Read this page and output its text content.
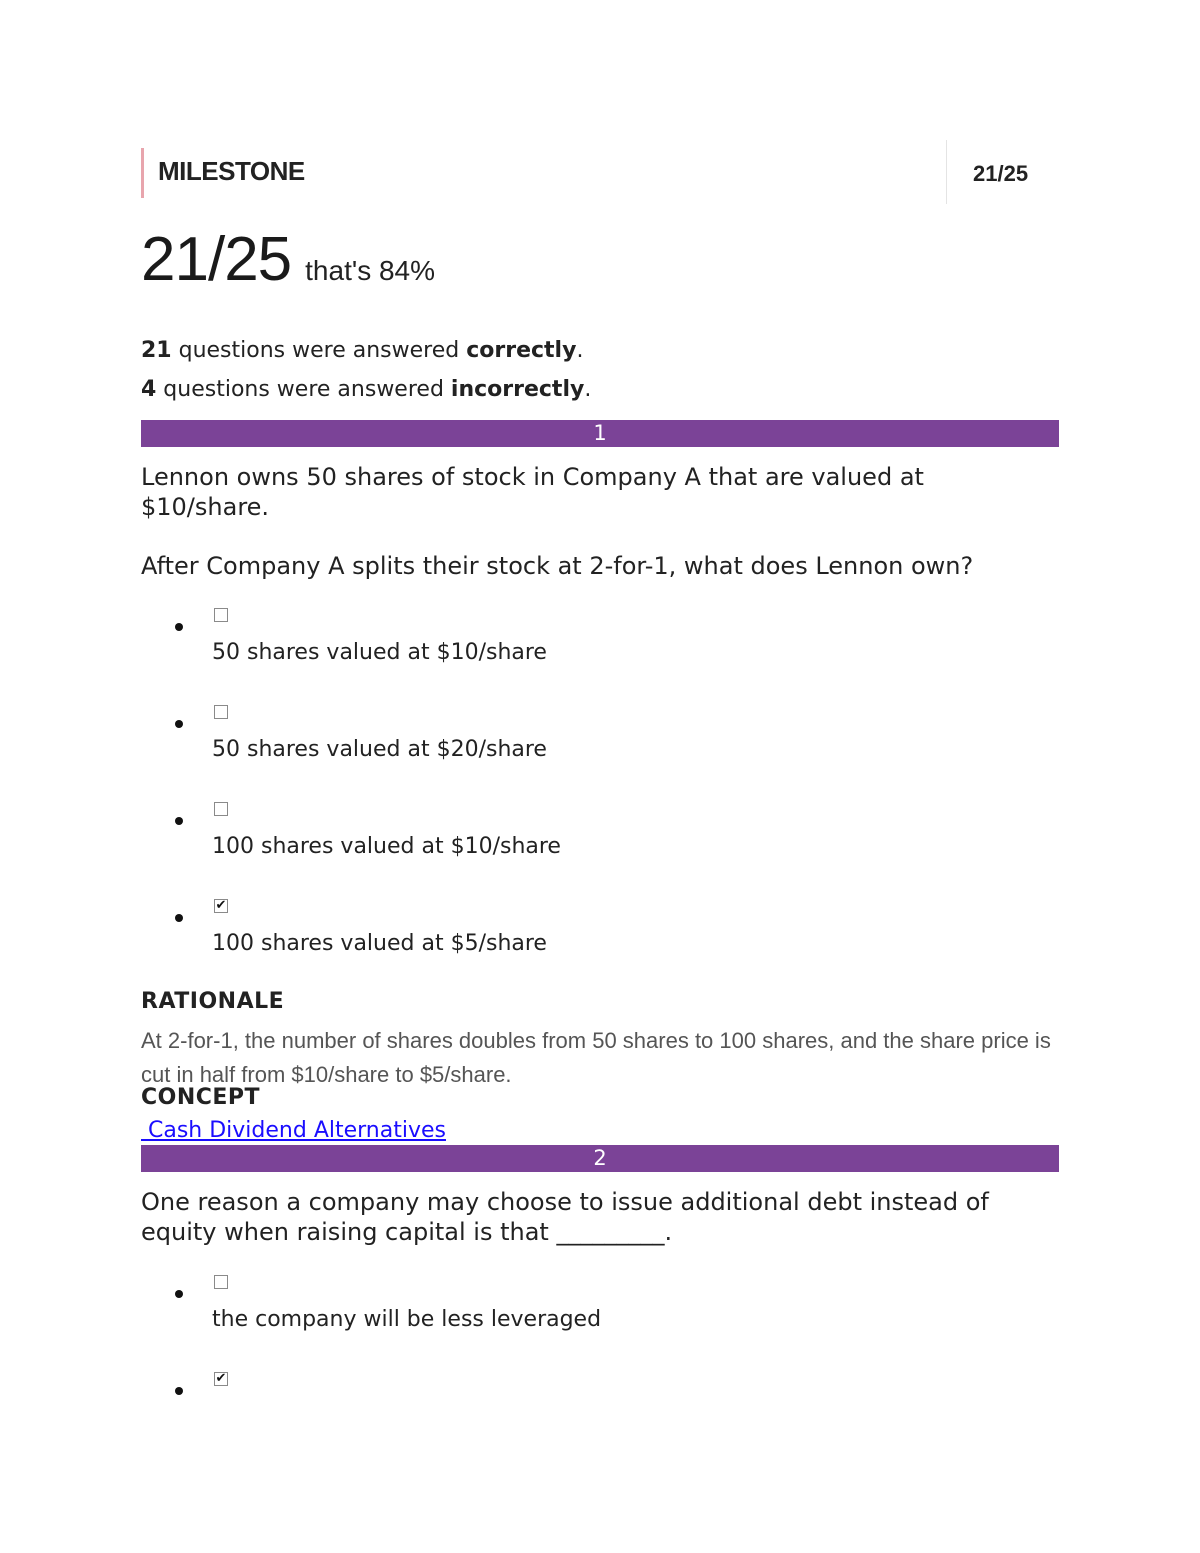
MILESTONE	21/25
21/25 that's 84%
21 questions were answered correctly.
4 questions were answered incorrectly.
1
Lennon owns 50 shares of stock in Company A that are valued at $10/share.
After Company A splits their stock at 2-for-1, what does Lennon own?
50 shares valued at $10/share
50 shares valued at $20/share
100 shares valued at $10/share
✔
100 shares valued at $5/share
RATIONALE
At 2-for-1, the number of shares doubles from 50 shares to 100 shares, and the share price is cut in half from $10/share to $5/share.
CONCEPT
Cash Dividend Alternatives
2
One reason a company may choose to issue additional debt instead of equity when raising capital is that _________.
the company will be less leveraged
✔
